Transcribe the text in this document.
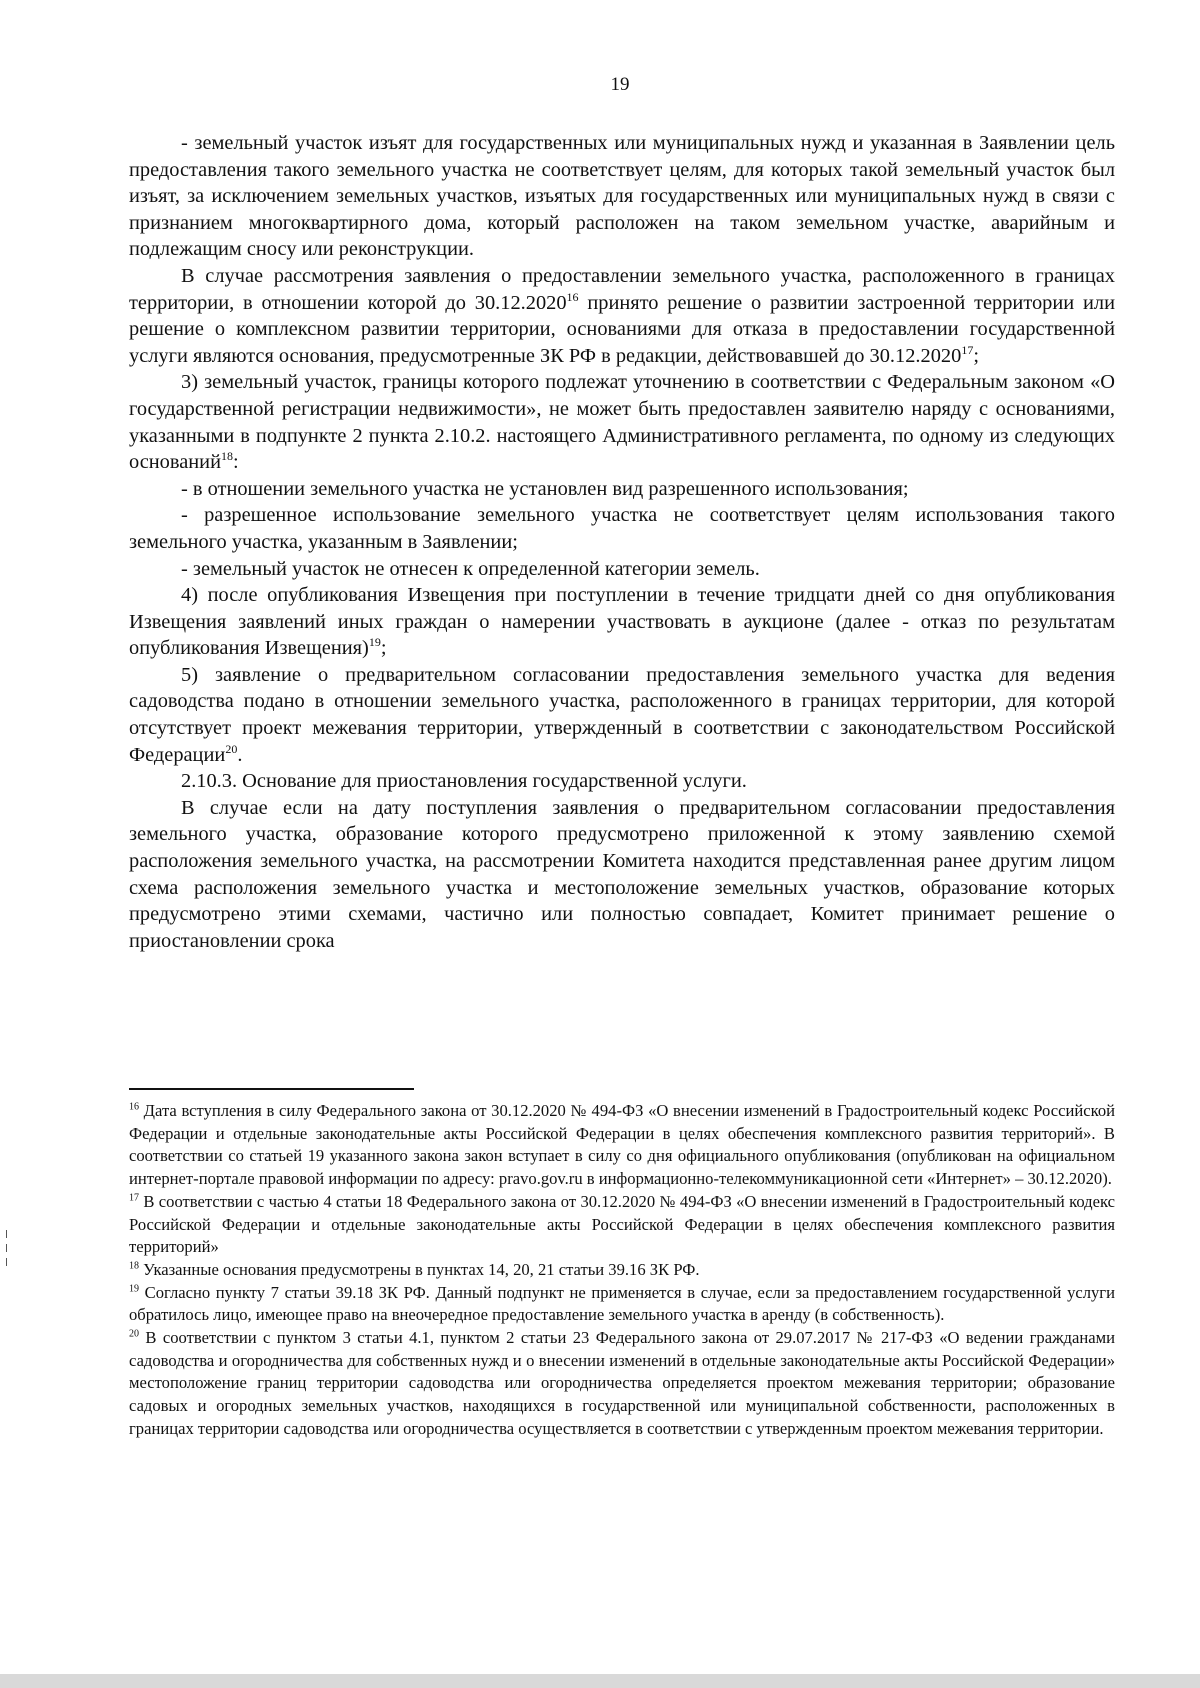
19

- земельный участок изъят для государственных или муниципальных нужд и указанная в Заявлении цель предоставления такого земельного участка не соответствует целям, для которых такой земельный участок был изъят, за исключением земельных участков, изъятых для государственных или муниципальных нужд в связи с признанием многоквартирного дома, который расположен на таком земельном участке, аварийным и подлежащим сносу или реконструкции.

В случае рассмотрения заявления о предоставлении земельного участка, расположенного в границах территории, в отношении которой до 30.12.2020$^{16}$ принято решение о развитии застроенной территории или решение о комплексном развитии территории, основаниями для отказа в предоставлении государственной услуги являются основания, предусмотренные ЗК РФ в редакции, действовавшей до 30.12.2020$^{17}$;

3) земельный участок, границы которого подлежат уточнению в соответствии с Федеральным законом «О государственной регистрации недвижимости», не может быть предоставлен заявителю наряду с основаниями, указанными в подпункте 2 пункта 2.10.2. настоящего Административного регламента, по одному из следующих оснований$^{18}$:

- в отношении земельного участка не установлен вид разрешенного использования;

- разрешенное использование земельного участка не соответствует целям использования такого земельного участка, указанным в Заявлении;

- земельный участок не отнесен к определенной категории земель.

4) после опубликования Извещения при поступлении в течение тридцати дней со дня опубликования Извещения заявлений иных граждан о намерении участвовать в аукционе (далее - отказ по результатам опубликования Извещения)$^{19}$;

5) заявление о предварительном согласовании предоставления земельного участка для ведения садоводства подано в отношении земельного участка, расположенного в границах территории, для которой отсутствует проект межевания территории, утвержденный в соответствии с законодательством Российской Федерации$^{20}$.

2.10.3. Основание для приостановления государственной услуги.

В случае если на дату поступления заявления о предварительном согласовании предоставления земельного участка, образование которого предусмотрено приложенной к этому заявлению схемой расположения земельного участка, на рассмотрении Комитета находится представленная ранее другим лицом схема расположения земельного участка и местоположение земельных участков, образование которых предусмотрено этими схемами, частично или полностью совпадает, Комитет принимает решение о приостановлении срока

$^{16}$ Дата вступления в силу Федерального закона от 30.12.2020 № 494-ФЗ «О внесении изменений в Градостроительный кодекс Российской Федерации и отдельные законодательные акты Российской Федерации в целях обеспечения комплексного развития территорий». В соответствии со статьей 19 указанного закона закон вступает в силу со дня официального опубликования (опубликован на официальном интернет-портале правовой информации по адресу: pravo.gov.ru в информационно-телекоммуникационной сети «Интернет» – 30.12.2020).

$^{17}$ В соответствии с частью 4 статьи 18 Федерального закона от 30.12.2020 № 494-ФЗ «О внесении изменений в Градостроительный кодекс Российской Федерации и отдельные законодательные акты Российской Федерации в целях обеспечения комплексного развития территорий»

$^{18}$ Указанные основания предусмотрены в пунктах 14, 20, 21 статьи 39.16 ЗК РФ.

$^{19}$ Согласно пункту 7 статьи 39.18 ЗК РФ. Данный подпункт не применяется в случае, если за предоставлением государственной услуги обратилось лицо, имеющее право на внеочередное предоставление земельного участка в аренду (в собственность).

$^{20}$ В соответствии с пунктом 3 статьи 4.1, пунктом 2 статьи 23 Федерального закона от 29.07.2017 № 217-ФЗ «О ведении гражданами садоводства и огородничества для собственных нужд и о внесении изменений в отдельные законодательные акты Российской Федерации» местоположение границ территории садоводства или огородничества определяется проектом межевания территории; образование садовых и огородных земельных участков, находящихся в государственной или муниципальной собственности, расположенных в границах территории садоводства или огородничества осуществляется в соответствии с утвержденным проектом межевания территории.
